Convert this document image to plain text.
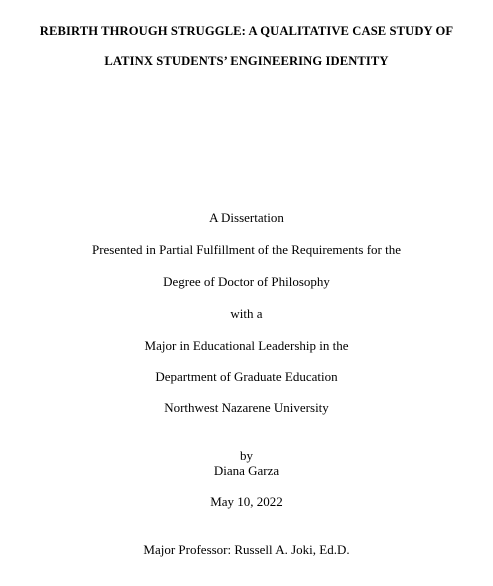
REBIRTH THROUGH STRUGGLE: A QUALITATIVE CASE STUDY OF
LATINX STUDENTS’ ENGINEERING IDENTITY
A Dissertation
Presented in Partial Fulfillment of the Requirements for the
Degree of Doctor of Philosophy
with a
Major in Educational Leadership in the
Department of Graduate Education
Northwest Nazarene University
by
Diana Garza
May 10, 2022
Major Professor: Russell A. Joki, Ed.D.
